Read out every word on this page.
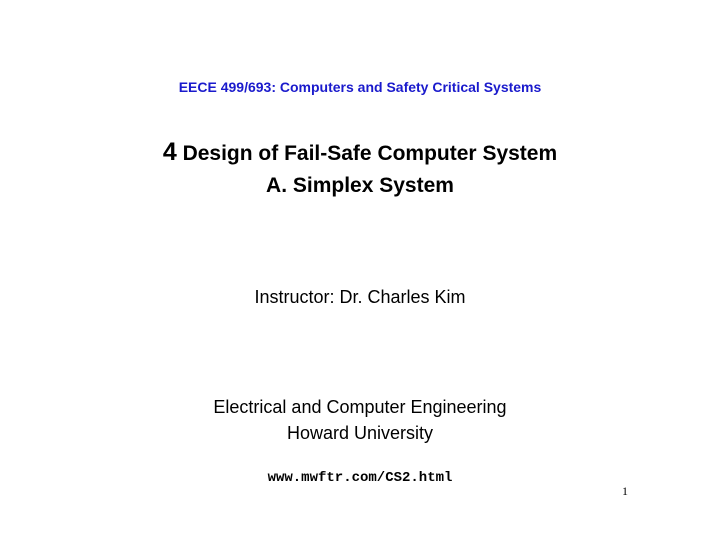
EECE 499/693: Computers and Safety Critical Systems
4 Design of Fail-Safe Computer System
A. Simplex System
Instructor: Dr. Charles Kim
Electrical and Computer Engineering
Howard University
www.mwftr.com/CS2.html
1
